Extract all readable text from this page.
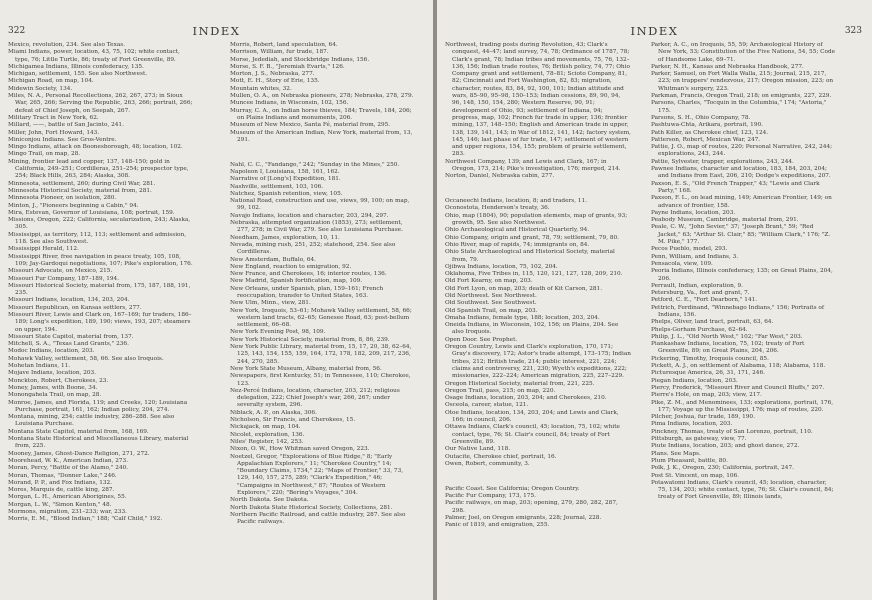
322	INDEX

Mexico, revolution, 234. See also Texas.

Miami Indians, power, location, 43, 75, 102; white contact, type, 76; Little Turtle, 86; treaty of Fort Greenville, 89.

Michigamea Indians, Illinois confederacy, 135.

Michigan, settlement, 155. See also Northwest.

Michigan Road, on map, 104.

Midewin Society, 134.

Miles, N. A., Personal Recollections, 262, 267, 273; in Sioux War, 265, 266; Serving the Republic, 263, 266; portrait, 266; defeat of Chief Joseph, on Seepah, 267.

Military Tract in New York, 62.

Millard, ——, battle of San Jacinto, 241.

Miller, John, Fort Howard, 143.

Miniconjou Indians. See Gros-Ventre.

Mingo Indians, attack on Boonesborough, 48; location, 102.

Mingo Trail, on map, 28.

Mining, frontier lead and copper, 137, 148–150; gold in California, 249–251; Cordilleras, 251–254; prospector type, 254; Black Hills, 263, 284; Alaska, 308.

Minnesota, settlement, 260; during Civil War, 281.

Minnesota Historical Society, material from, 281.

Minnesota Pioneer, on isolation, 280.

Minton, J., "Pioneers beginning a Cabin," 94.

Mira, Estevan, Governor of Louisiana, 108; portrait, 159.

Missions, Oregon, 222; California, secularization, 243; Alaska, 305.

Mississippi, as territory, 112, 113; settlement and admission, 118. See also Southwest.

Mississippi Herald, 112.

Mississippi River, free navigation in peace treaty, 105, 108, 109; Jay-Gardoqui negotiations, 107; Pike's exploration, 176.

Missouri Advocate, on Mexico, 215.

Missouri Fur Company, 187–189, 194.

Missouri Historical Society, material from, 175, 187, 188, 191, 235.

Missouri Indians, location, 134, 203, 204.

Missouri Republican, on Kansas settlers, 277.

Missouri River, Lewis and Clark on, 167–169; fur traders, 186–189; Long's expedition, 189, 190; views, 193, 207; steamers on upper, 194.

Missouri State Capitol, material from, 137.

Mitchell, S. A., "Texas Land Grants," 236.

Modoc Indians, location, 203.

Mohawk Valley, settlement, 58, 66. See also Iroquois.

Mohetan Indians, 11.

Mojave Indians, location, 203.

Monckton, Robert, Cherokees, 23.

Money, James, with Boone, 34.

Monongahela Trail, on map, 28.

Monroe, James, and Florida, 119; and Creeks, 120; Louisiana Purchase, portrait, 161, 162; Indian policy, 204, 274.

Montana, mining, 254; cattle industry, 286–288. See also Louisiana Purchase.

Montana State Capitol, material from, 168, 169.

Montana State Historical and Miscellaneous Library, material from, 225.

Mooney, James, Ghost-Dance Religion, 271, 272.

Moorehead, W. K., American Indian, 273.

Moran, Percy, "Battle of the Alamo," 240.

Moran, Thomas, "Donner Lake," 246.

Morand, P. P., and Fox Indians, 132.

Mores, Marquis de, cattle king, 287.

Morgan, L. H., American Aborigines, 55.

Morgan, L. W., "Simon Kenton," 48.

Mormons, migration, 231–233; war, 233.

Morris, E. M., "Blood Indian," 188; "Calf Child," 192.

Morris, Robert, land speculation, 64.

Morrison, William, fur trade, 187.

Morse, Jedediah, and Stockbridge Indians, 156.

Morse, S. F. B., "Jeremiah Evarts," 126.

Morton, J. S., Nebraska, 277.

Mott, E. H., Story of Erie, 135.

Mountain whites, 32.

Mullen, O. A., on Nebraska pioneers, 278; Nebraska, 278, 279.

Muncee Indians, in Wisconsin, 102, 156.

Murray, C. A., on Indian horse thieves, 184; Travels, 184, 206; on Plains Indians and monuments, 206.

Museum of New Mexico, Santa Fé, material from, 295.

Museum of the American Indian, New York, material from, 13, 291.

Nahl, C. C., "Fandango," 242; "Sunday in the Mines," 250.

Napoleon I, Louisiana, 158, 161, 162.

Narrative of [Long's] Expedition, 181.

Nashville, settlement, 103, 106.

Natchez, Spanish retention, view, 105.

National Road, construction and use, views, 99, 100; on map, 99, 102.

Navajo Indians, location and character, 203, 294, 297.

Nebraska, attempted organization (1853), 273; settlement, 277, 278; in Civil War, 279. See also Louisiana Purchase.

Needham, James, exploration, 10, 11.

Nevada, mining rush, 251, 252; statehood, 254. See also Cordilleras.

New Amsterdam, Buffalo, 64.

New England, reaction to emigration, 92.

New France, and Cherokees, 16; interior routes, 136.

New Madrid, Spanish fortification, map, 109.

New Orleans, under Spanish, plan, 159–161; French reoccupation, transfer to United States, 163.

New Ulm, Minn., view, 281.

New York, Iroquois, 53–61; Mohawk Valley settlement, 58, 66; western land tracts, 62–65; Genesee Road, 63; post-bellum settlement, 66–68.

New York Evening Post, 98, 109.

New York Historical Society, material from, 8, 86, 239.

New York Public Library, material from, 15, 17, 20, 38, 62–64, 125, 143, 154, 155, 159, 164, 172, 178, 182, 209, 217, 236, 244, 270, 285.

New York State Museum, Albany, material from, 56.

Newspapers, first Kentucky, 51; in Tennessee, 110; Cherokee, 123.

Nez-Percé Indians, location, character, 203, 212; religious delegation, 222; Chief Joseph's war, 266, 267; under severalty system, 296.

Niblack, A. P., on Alaska, 306.

Nicholson, Sir Francis, and Cherokees, 15.

Nickajack, on map, 104.

Nicolet, exploration, 136.

Niles' Register, 142, 253.

Nixon, O. W., How Whitman saved Oregon, 223.

Noetzel, Gregor, "Explorations of Blue Ridge," 8; "Early Appalachian Explorers," 11; "Cherokee Country," 14; "Boundary Claims, 1734," 22; "Maps of Frontier," 33, 73, 129, 140, 157, 275, 289; "Clark's Expedition," 46; "Campaigns in Northwest," 87; "Routes of Western Explorers," 220; "Bering's Voyages," 304.

North Dakota. See Dakota.

North Dakota State Historical Society, Collections, 281.

Northern Pacific Railroad, and cattle industry, 287. See also Pacific railways.

323
INDEX

Northwest, trading posts during Revolution, 43; Clark's conquest, 44–47; land survey, 74, 78; Ordinance of 1787, 78; Clark's grant, 78; Indian tribes and movements, 75, 76, 132–136, 156; Indian trade routes, 76; British policy, 74, 77; Ohio Company grant and settlement, 78–81; Scioto Company, 81, 82; Cincinnati and Fort Washington, 82, 83; migration, character, routes, 83, 84, 92, 100, 101; Indian attitude and wars, 85–90, 95–98, 150–153; Indian cessions, 89, 90, 94, 96, 148, 150, 154, 280; Western Reserve, 90, 91; development of Ohio, 93; settlement of Indiana, 94; progress, map, 102; French fur trade in upper, 136; frontier mining, 137, 148–150; English and American trade in upper, 138, 139, 141, 143; in War of 1812, 141, 142; factory system, 145, 146; last phase of fur trade, 147; settlement of western and upper regions, 154, 155; problem of prairie settlement, 283.

Northwest Company, 139; and Lewis and Clark, 167; in Oregon, 173, 214; Pike's investigation, 176; merged, 214.

Norton, Daniel, Nebraska cabin, 277.

Occaneechi Indians, location, 8; and traders, 11.

Oconostota, Henderson's treaty, 36.

Ohio, map (1804), 90; population elements, map of grants, 93; growth, 95. See also Northwest.

Ohio Archaeological and Historical Quarterly, 94.

Ohio Company, origin and grant, 78, 79; settlement, 79, 80.

Ohio River, map of rapids, 74; immigrants on, 84.

Ohio State Archaeological and Historical Society, material from, 79.

Ojibwa Indians, location, 75, 102, 204.

Oklahoma, Five Tribes in, 115, 120, 121, 127, 128, 209, 210.

Old Fort Kearny, on map, 203.

Old Fort Lyon, on map, 203; death of Kit Carson, 281.

Old Northwest. See Northwest.

Old Southwest. See Southwest.

Old Spanish Trail, on map, 203.

Omaha Indians, female type, 188; location, 203, 204.

Oneida Indians, in Wisconsin, 102, 156; on Plains, 204. See also Iroquois.

Open Door. See Prophet.

Oregon Country, Lewis and Clark's exploration, 170, 171; Gray's discovery, 172; Astor's trade attempt, 173–175; Indian tribes, 212; British trade, 214; public interest, 221, 224; claims and controversy, 221, 230; Wyeth's expeditions, 222; missionaries, 222–224; American migration, 225, 227–229.

Oregon Historical Society, material from, 221, 225.

Oregon Trail, pass, 215; on map, 220.

Osage Indians, location, 203, 204; and Cherokees, 210.

Osceola, career, statue, 121.

Otoe Indians, location, 134, 203, 204; and Lewis and Clark, 166; in council, 206.

Ottawa Indians, Clark's council, 45; location, 75, 102; white contact, type, 76; St. Clair's council, 84; treaty of Fort Greenville, 89.

Our Native Land, 118.

Outacite, Cherokee chief, portrait, 16.

Owen, Robert, community, 3.

Pacific Coast. See California; Oregon Country.

Pacific Fur Company, 173, 175.

Pacific railways, on map, 203; opening, 279, 280, 282, 287, 298.

Palmer, Joel, on Oregon emigrants, 228; Journal, 228.

Panic of 1819, and emigration, 255.

Parker, A. C., on Iroquois, 55, 59; Archæological History of New York, 53; Constitution of the Five Nations, 54, 55; Code of Handsome Lake, 69–71.

Parker, N. H., Kansas and Nebraska Handbook, 277.

Parker, Samuel, on Fort Walla Walla, 215; Journal, 215, 217, 223; on trappers' rendezvous, 217; Oregon mission, 223; on Whitman's surgery, 223.

Parkman, Francis, Oregon Trail, 218; on emigrants, 227, 229.

Parsons, Charles, "Tocquin in the Columbia," 174; "Astoria," 175.

Parsons, S. H., Ohio Company, 78.

Pashtuwa-Chta, Arikara, portrait, 190.

Path Killer, as Cherokee chief, 123, 124.

Patterson, Robert, Mexican War, 247.

Pattie, J. O., map of routes, 220; Personal Narrative, 242, 244; explorations, 243, 244.

Pattie, Sylvester, trapper, explorations, 243, 244.

Pawnee Indians, character and location, 183, 184, 203, 204; and Indians from East, 206, 210; Dodge's expeditions, 207.

Paxson, E. S., "Old French Trapper," 43; "Lewis and Clark Party," 168.

Paxson, F. L., on lead mining, 149; American Frontier, 149; on advance of frontier, 158.

Payne Indians, location, 203.

Peabody Museum, Cambridge, material from, 291.

Peale, C. W., "John Sevier," 37; "Joseph Brant," 59; "Red Jacket," 63; "Arthur St. Clair," 85; "William Clark," 176; "Z. M. Pike," 177.

Pecos Pueblo, model, 293.

Penn, William, and Indians, 3.

Pensacola, view, 109.

Peoria Indians, Illinois confederacy, 135; on Great Plains, 204, 206.

Perrault, Indian, exploration, 9.

Petersburg, Va., fort and grant, 7.

Petford, C. E., "Fort Dearborn," 141.

Pettrich, Ferdinand, "Winnebago Indians," 156; Portraits of Indians, 156.

Phelps, Oliver, land tract, portrait, 63, 64.

Phelps-Gorham Purchase, 62–64.

Philip, J. L., "Old North West," 102; "Far West," 203.

Piankashaw Indians, location, 75, 102; treaty of Fort Greenville, 89; on Great Plains, 204, 206.

Pickering, Timothy, Iroquois council, 85.

Pickett, A. J., on settlement of Alabama, 118; Alabama, 118.

Picturesque America, 26, 31, 171, 246.

Piegan Indians, location, 203.

Piercy, Frederick, "Missouri River and Council Bluffs," 207.

Pierre's Hole, on map, 203; view, 217.

Pike, Z. M., and Menominees, 133; explorations, portrait, 176, 177; Voyage up the Mississippi, 176; map of routes, 220.

Pilcher, Joshua, fur trade, 189, 190.

Pima Indians, location, 203.

Pinckney, Thomas, treaty of San Lorenzo, portrait, 110.

Pittsburgh, as gateway, view, 77.

Piute Indians, location, 203; and ghost dance, 272.

Plans. See Maps.

Plum Pheasant, battle, 80.

Polk, J. K., Oregon, 230; California, portrait, 247.

Post St. Vincent, on map, 106.

Potawatomi Indians, Clark's council, 45; location, character, 75, 134, 203; white contact, type, 76; St. Clair's council, 84; treaty of Fort Greenville, 89; Illinois lands,
